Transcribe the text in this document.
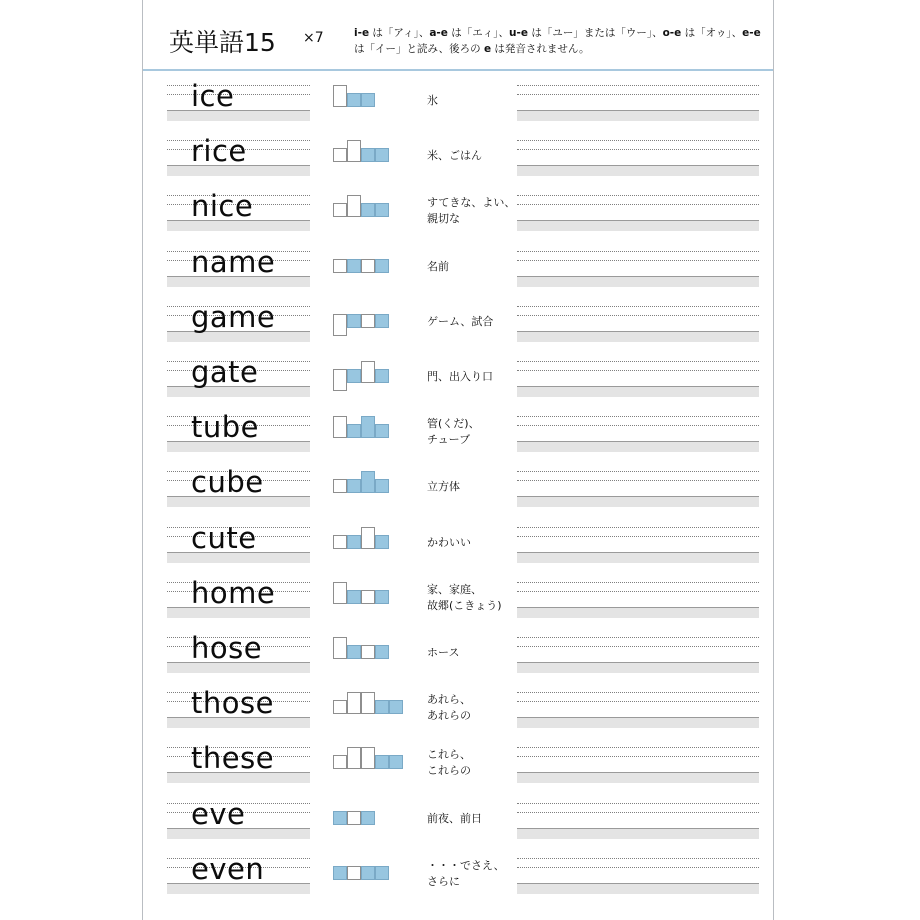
英単語15 ×7	i-e は「アィ」、a-e は「エィ」、u-e は「ユー」または「ウー」、o-e は「オゥ」、e-e は「イー」と読み、後ろの e は発音されません。
ice	氷
rice	米、ごはん
nice	すてきな、よい、
親切な
name	名前
game	ゲーム、試合
gate	門、出入り口
tube	管(くだ)、
チューブ
cube	立方体
cute	かわいい
home	家、家庭、
故郷(こきょう)
hose	ホース
those	あれら、
あれらの
these	これら、
これらの
eve	前夜、前日
even	・・・でさえ、
さらに
